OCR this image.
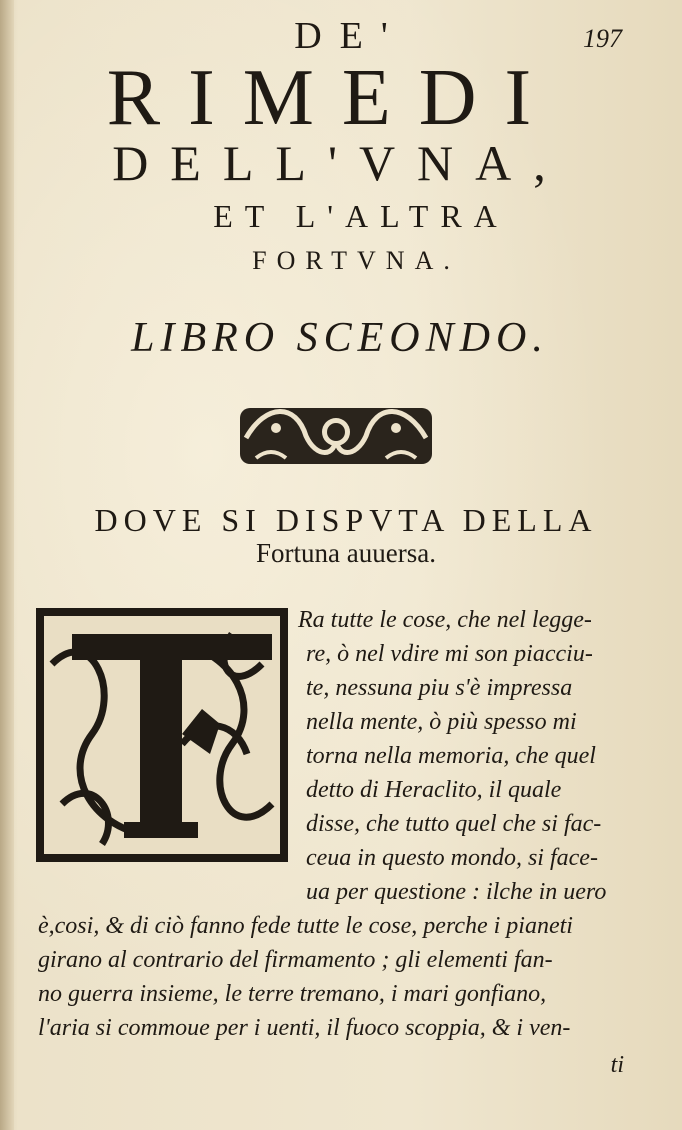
197
DE'
RIMEDI
DELL'VNA,
ET L'ALTRA
FORTVNA.
LIBRO SCEONDO.
DOVE SI DISPVTA DELLA
Fortuna auuersa.
Ra tutte le cose, che nel legge-
re, ò nel vdire mi son piacciu-
te, nessuna piu s'è impressa
nella mente, ò più spesso mi
torna nella memoria, che quel
detto di Heraclito, il quale
disse, che tutto quel che si fac-
ceua in questo mondo, si face-
ua per questione : ilche in uero
è,cosi, & di ciò fanno fede tutte le cose, perche i pianeti
girano al contrario del firmamento ; gli elementi fan-
no guerra insieme, le terre tremano, i mari gonfiano,
l'aria si commoue per i uenti, il fuoco scoppia, & i ven-
ti
